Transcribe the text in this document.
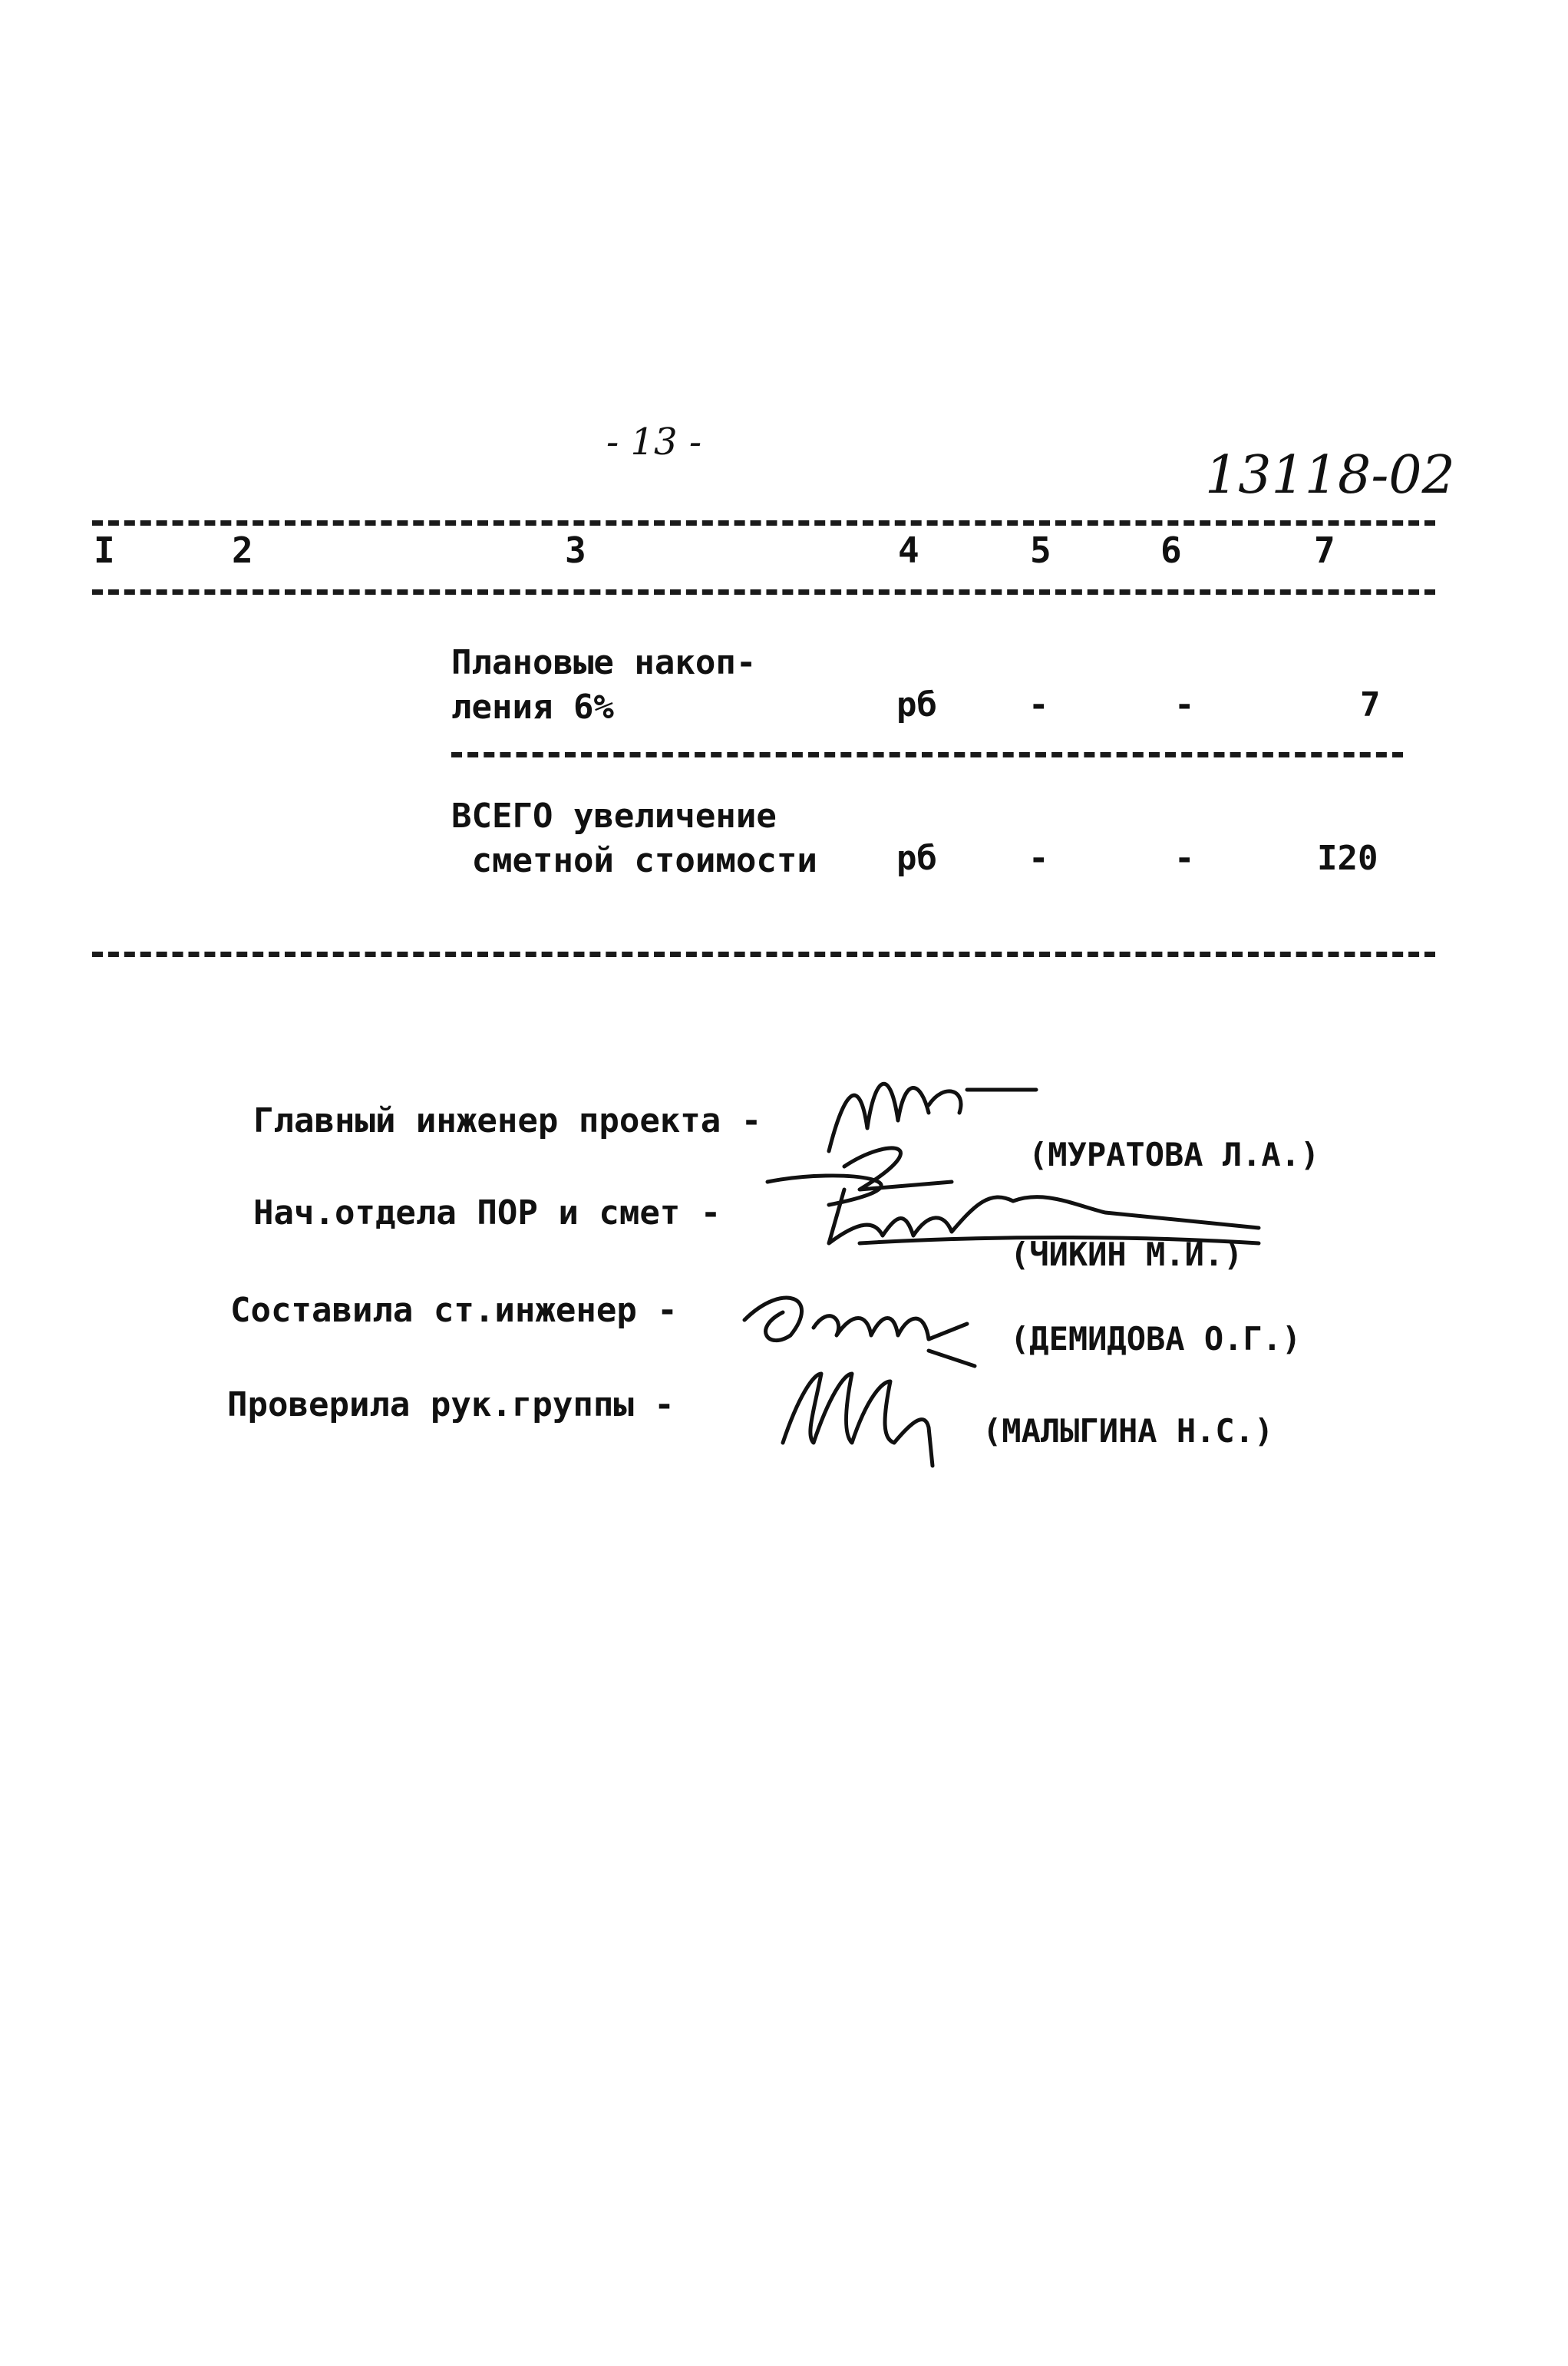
- 13 -
13118-02
I	2	3	4	5	6	7
Плановые накоп-
ления 6%	рб	-	-	7
ВСЕГО увеличение
сметной стоимости рб	-	-	I20
Главный инженер проекта -
(МУРАТОВА Л.А.)
Нач.отдела ПОР и смет -
(ЧИКИН М.И.)
Составила ст.инженер -
(ДЕМИДОВА О.Г.)
Проверила рук.группы -
(МАЛЫГИНА Н.С.)
